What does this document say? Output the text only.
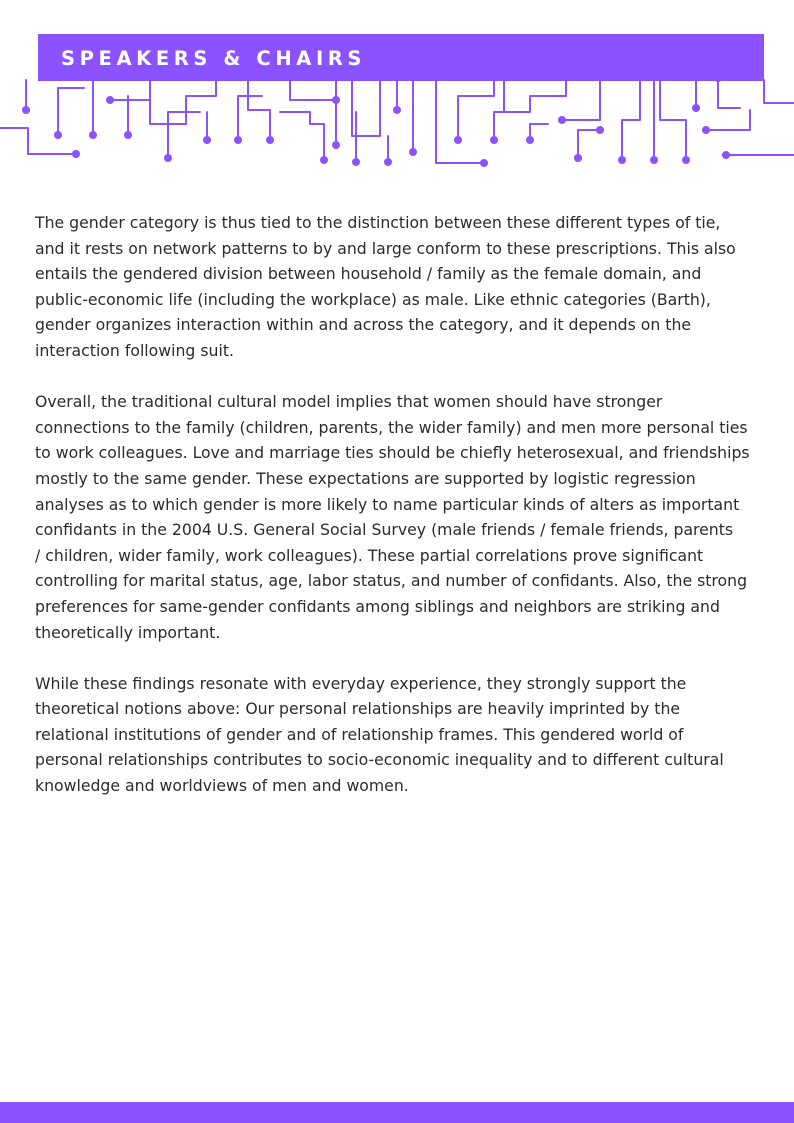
SPEAKERS & CHAIRS

The gender category is thus tied to the distinction between these different types of tie,
and it rests on network patterns to by and large conform to these prescriptions. This also
entails the gendered division between household / family as the female domain, and
public-economic life (including the workplace) as male. Like ethnic categories (Barth),
gender organizes interaction within and across the category, and it depends on the
interaction following suit.

Overall, the traditional cultural model implies that women should have stronger
connections to the family (children, parents, the wider family) and men more personal ties
to work colleagues. Love and marriage ties should be chiefly heterosexual, and friendships
mostly to the same gender. These expectations are supported by logistic regression
analyses as to which gender is more likely to name particular kinds of alters as important
confidants in the 2004 U.S. General Social Survey (male friends / female friends, parents
/ children, wider family, work colleagues). These partial correlations prove significant
controlling for marital status, age, labor status, and number of confidants. Also, the strong
preferences for same-gender confidants among siblings and neighbors are striking and
theoretically important.

While these findings resonate with everyday experience, they strongly support the
theoretical notions above: Our personal relationships are heavily imprinted by the
relational institutions of gender and of relationship frames. This gendered world of
personal relationships contributes to socio-economic inequality and to different cultural
knowledge and worldviews of men and women.
